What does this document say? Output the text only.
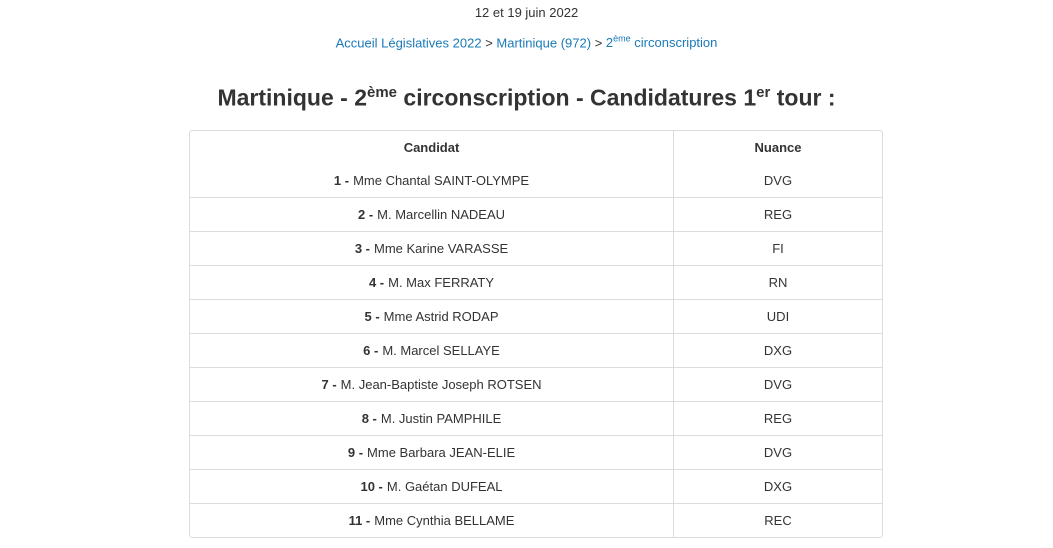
12 et 19 juin 2022
Accueil Législatives 2022 > Martinique (972) > 2ème circonscription
Martinique - 2ème circonscription - Candidatures 1er tour :
Candidat	Nuance
1 - Mme Chantal SAINT-OLYMPE	DVG
2 - M. Marcellin NADEAU	REG
3 - Mme Karine VARASSE	FI
4 - M. Max FERRATY	RN
5 - Mme Astrid RODAP	UDI
6 - M. Marcel SELLAYE	DXG
7 - M. Jean-Baptiste Joseph ROTSEN	DVG
8 - M. Justin PAMPHILE	REG
9 - Mme Barbara JEAN-ELIE	DVG
10 - M. Gaétan DUFEAL	DXG
11 - Mme Cynthia BELLAME	REC
